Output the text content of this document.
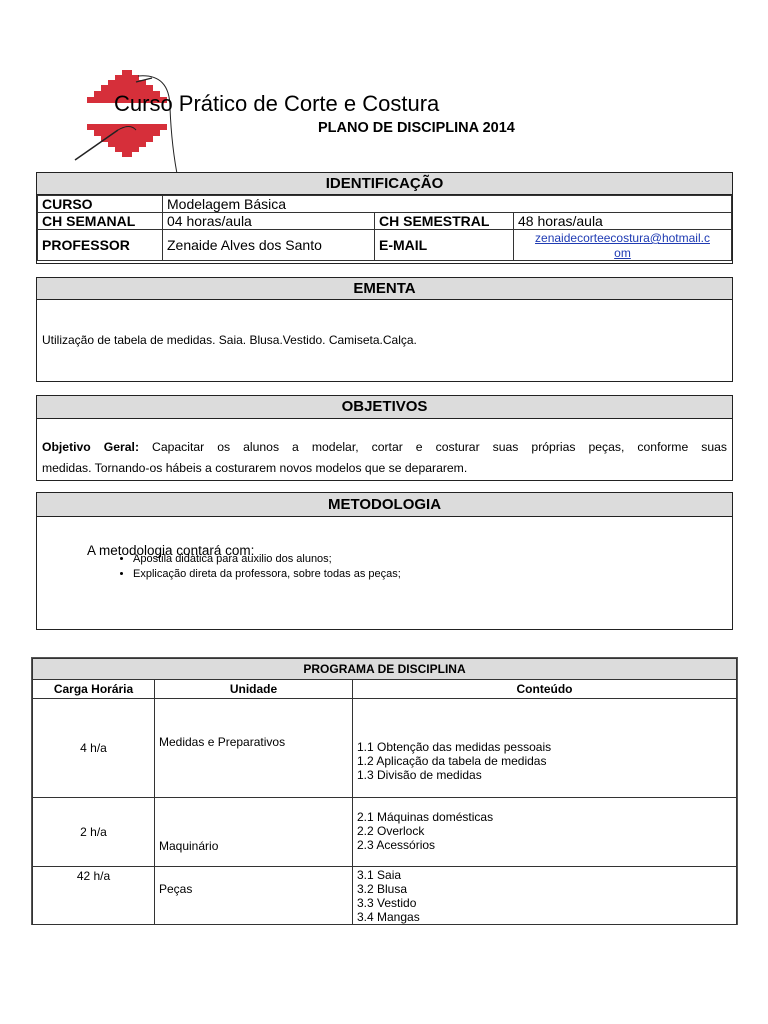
Curso Prático de Corte e Costura
PLANO DE DISCIPLINA 2014
IDENTIFICAÇÃO
CURSO	Modelagem Básica		
CH SEMANAL	04 horas/aula	CH SEMESTRAL	48 horas/aula
PROFESSOR	Zenaide Alves dos Santo	E-MAIL	zenaidecorteecostura@hotmail.c
om
EMENTA
Utilização de tabela de medidas. Saia. Blusa.Vestido. Camiseta.Calça.
OBJETIVOS

Objetivo Geral: Capacitar os alunos a modelar, cortar e costurar suas próprias peças, conforme suas

medidas. Tornando-os hábeis a costurarem novos modelos que se depararem.

METODOLOGIA
A metodologia contará com:
• Apostila didática para auxilio dos alunos;
• Explicação direta da professora, sobre todas as peças;
PROGRAMA DE DISCIPLINA		
Carga Horária	Unidade	Conteúdo
4 h/a	Medidas e Preparativos	1.1 Obtenção das medidas pessoais
1.2 Aplicação da tabela de medidas
1.3 Divisão de medidas

2 h/a	Maquinário	2.1 Máquinas domésticas
2.2 Overlock
2.3 Acessórios

42 h/a	Peças	3.1 Saia
3.2 Blusa
3.3 Vestido
3.4 Mangas
